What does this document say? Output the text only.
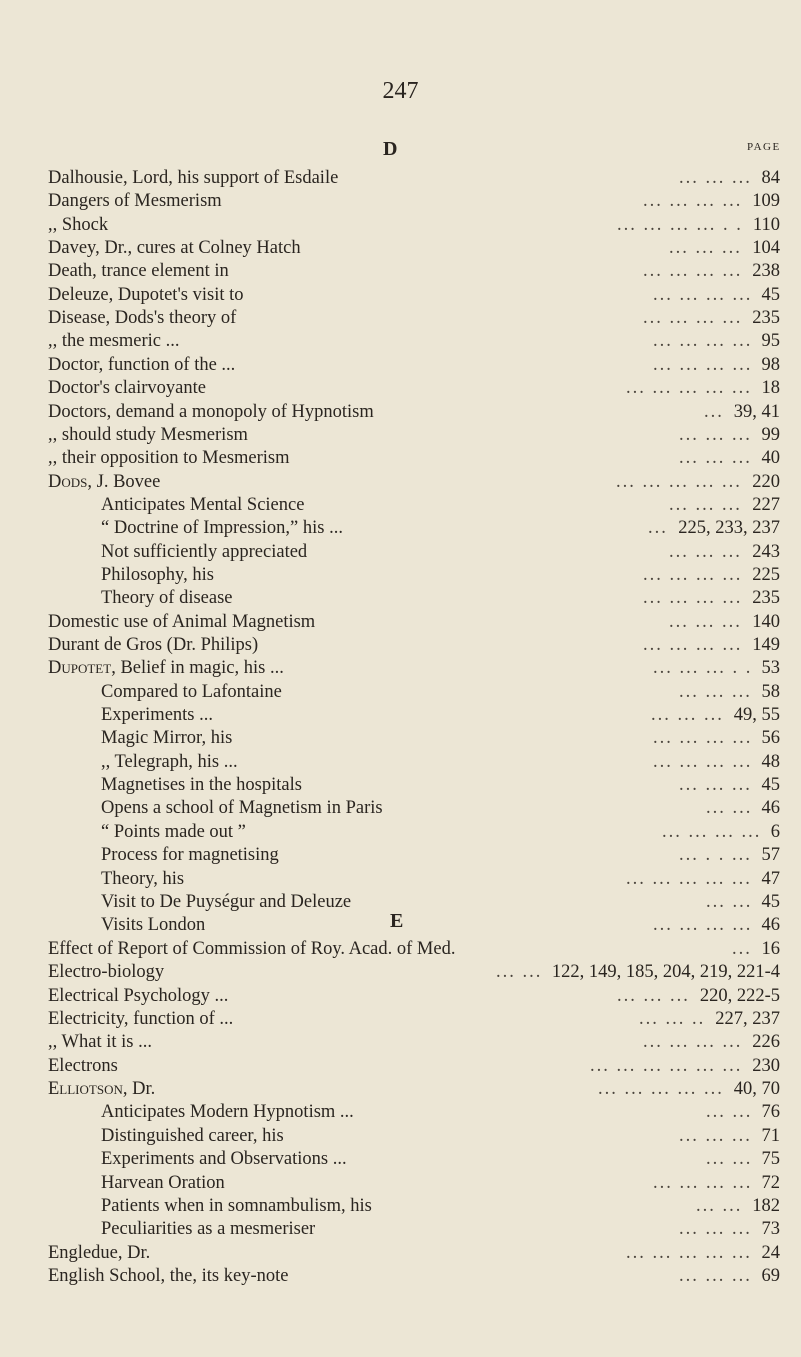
247
PAGE
D
Dalhousie, Lord, his support of Esdaile	84
... ... ...
Dangers of Mesmerism	109
... ... ... ...
,, Shock	110
... ... ... ... . .
Davey, Dr., cures at Colney Hatch	104
... ... ...
Death, trance element in	238
... ... ... ...
Deleuze, Dupotet's visit to	45
... ... ... ...
Disease, Dods's theory of	235
... ... ... ...
,, the mesmeric ...	95
... ... ... ...
Doctor, function of the ...	98
... ... ... ...
Doctor's clairvoyante	18
... ... ... ... ...
Doctors, demand a monopoly of Hypnotism	39, 41
...
,, should study Mesmerism	99
... ... ...
,, their opposition to Mesmerism	40
... ... ...
Dods, J. Bovee	220
... ... ... ... ...
Anticipates Mental Science	227
... ... ...
“ Doctrine of Impression,” his ...	225, 233, 237
...
Not sufficiently appreciated	243
... ... ...
Philosophy, his	225
... ... ... ...
Theory of disease	235
... ... ... ...
Domestic use of Animal Magnetism	140
... ... ...
Durant de Gros (Dr. Philips)	149
... ... ... ...
Dupotet, Belief in magic, his ...	53
... ... ... . .
Compared to Lafontaine	58
... ... ...
Experiments ...	49, 55
... ... ...
Magic Mirror, his	56
... ... ... ...
,, Telegraph, his ...	48
... ... ... ...
Magnetises in the hospitals	45
... ... ...
Opens a school of Magnetism in Paris	46
... ...
“ Points made out ”	6
... ... ... ...
Process for magnetising	57
... . . ...
Theory, his	47
... ... ... ... ...
Visit to De Puységur and Deleuze	45
... ...
Visits London	46
... ... ... ...
E
Effect of Report of Commission of Roy. Acad. of Med.	16
...
Electro-biology	122, 149, 185, 204, 219, 221-4
... ...
Electrical Psychology ...	220, 222-5
... ... ...
Electricity, function of ...	227, 237
... ... ..
,, What it is ...	226
... ... ... ...
Electrons	230
... ... ... ... ... ...
Elliotson, Dr.	40, 70
... ... ... ... ...
Anticipates Modern Hypnotism ...	76
... ...
Distinguished career, his	71
... ... ...
Experiments and Observations ...	75
... ...
Harvean Oration	72
... ... ... ...
Patients when in somnambulism, his	182
... ...
Peculiarities as a mesmeriser	73
... ... ...
Engledue, Dr.	24
... ... ... ... ...
English School, the, its key-note	69
... ... ...
